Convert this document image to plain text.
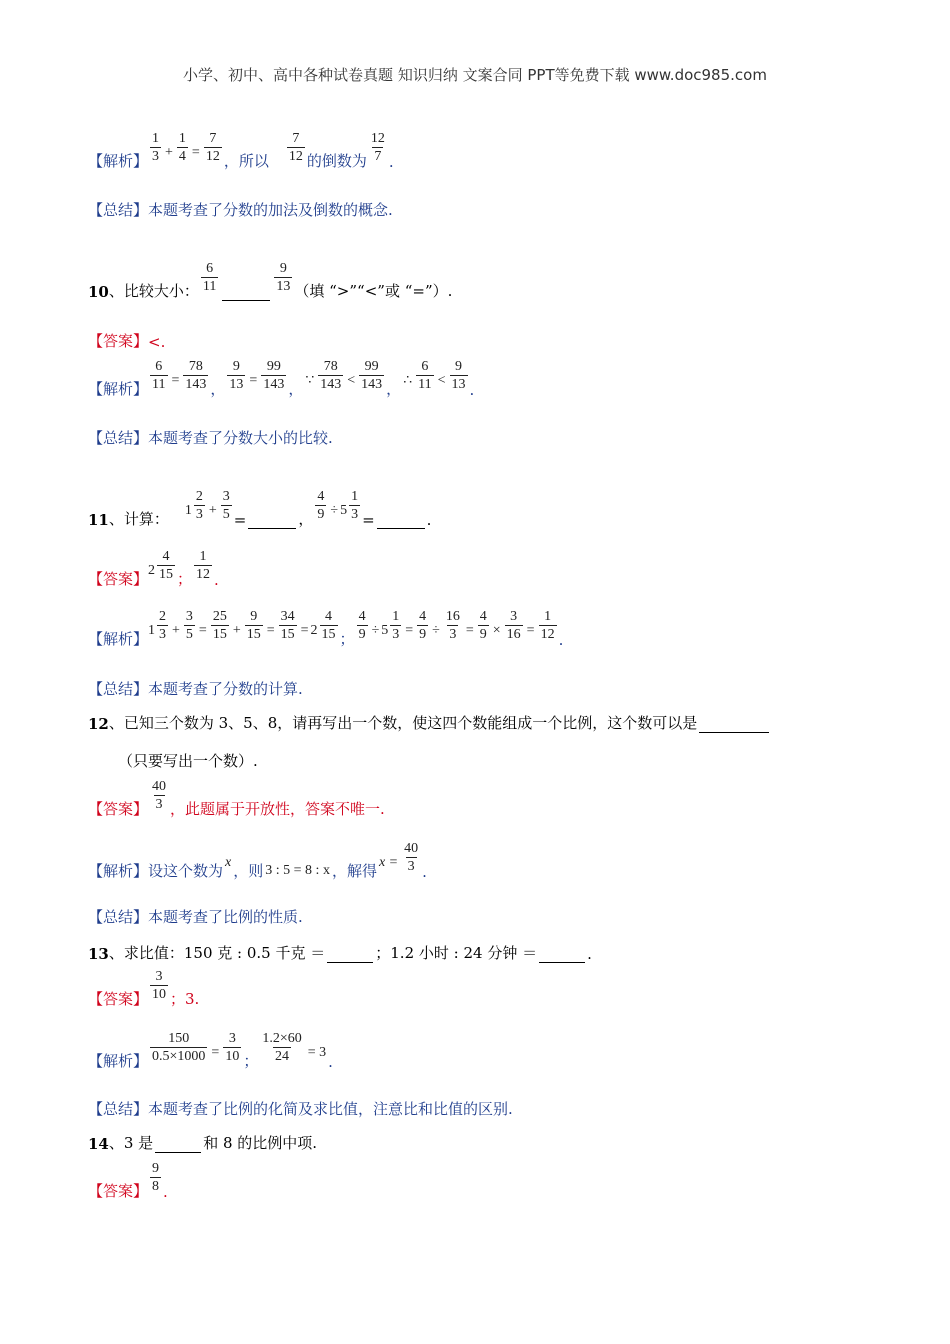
小学、初中、高中各种试卷真题 知识归纳 文案合同 PPT等免费下载 www.doc985.com
【解析】 $\frac{1}{3} + \frac{1}{4} = \frac{7}{12}$ ，所以 $\frac{7}{12}$ 的倒数为 $\frac{12}{7}$ .
【总结】 本题考查了分数的加法及倒数的概念.
10 、比较大小： $\frac{6}{11}$	$\frac{9}{13}$ （填 “>”“<”或 “=”）.
【答案】 <.
【解析】 $\frac{6}{11} = \frac{78}{143}$ ， $\frac{9}{13} = \frac{99}{143}$ ， ∵ $\frac{78}{143} < \frac{99}{143}$ ， ∴ $\frac{6}{11} < \frac{9}{13}$ .
【总结】 本题考查了分数大小的比较.
11 、计算： $1 \frac{2}{3} + \frac{3}{5}$ =	， $\frac{4}{9} \div 5 \frac{1}{3}$ =	.
【答案】 $2 \frac{4}{15}$ ； $\frac{1}{12}$ .
【解析】 $1 \frac{2}{3} + \frac{3}{5} = \frac{25}{15} + \frac{9}{15} = \frac{34}{15} = 2 \frac{4}{15}$ ； $\frac{4}{9} \div 5 \frac{1}{3} = \frac{4}{9} \div \frac{16}{3} = \frac{4}{9} \times \frac{3}{16} = \frac{1}{12}$ .
【总结】 本题考查了分数的计算.
12 、已知三个数为 3、5、8，请再写出一个数，使这四个数能组成一个比例，这个数可以是
（只要写出一个数）.
【答案】 $\frac{40}{3}$ ，此题属于开放性，答案不唯一.
【解析】 设这个数为 x ，则 3 : 5 = 8 : x ，解得 $x = \frac{40}{3}$ .
【总结】 本题考查了比例的性质.
13 、求比值：150 克 : 0.5 千克 ＝	；1.2 小时 : 24 分钟 ＝	.
【答案】 $\frac{3}{10}$ ；3.
【解析】 $\frac{150}{0.5\times 1000} = \frac{3}{10}$ ； $\frac{1.2\times 60}{24} = 3$
.
【总结】 本题考查了比例的化简及求比值，注意比和比值的区别.
14 、3 是	和 8 的比例中项.
【答案】 $\frac{9}{8}$ .
